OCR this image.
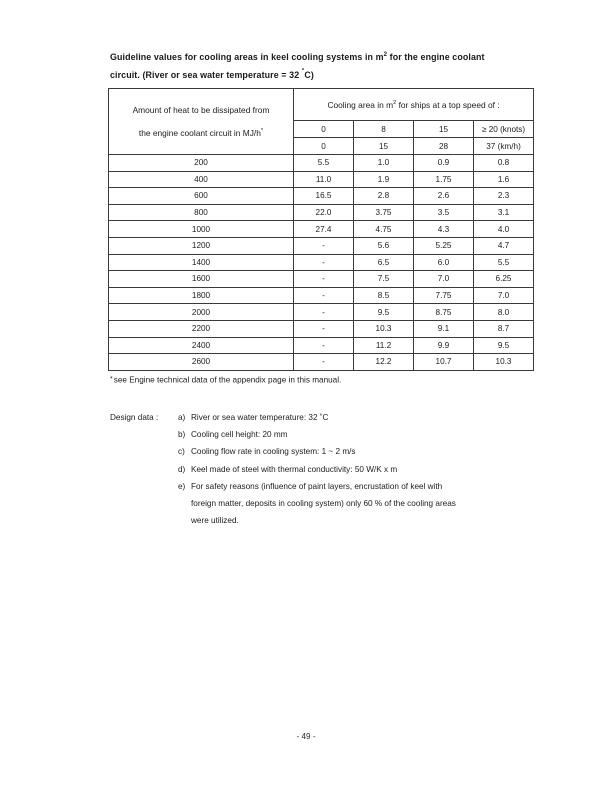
Guideline values for cooling areas in keel cooling systems in $m^2$ for the engine coolant
circuit. (River or sea water temperature = 32 ˚C)
Amount of heat to be dissipated from
the engine coolant circuit in MJ/h*	Cooling area in $m^2$ for ships at a top speed of :			
	0	8	15	≥ 20 (knots)
	0	15	28	37 (km/h)
200	5.5	1.0	0.9	0.8
400	11.0	1.9	1.75	1.6
600	16.5	2.8	2.6	2.3
800	22.0	3.75	3.5	3.1
1000	27.4	4.75	4.3	4.0
1200	-	5.6	5.25	4.7
1400	-	6.5	6.0	5.5
1600	-	7.5	7.0	6.25
1800	-	8.5	7.75	7.0
2000	-	9.5	8.75	8.0
2200	-	10.3	9.1	8.7
2400	-	11.2	9.9	9.5
2600	-	12.2	10.7	10.3
*see Engine technical data of the appendix page in this manual.
Design data :	a) River or sea water temperature: 32 ˚C
b) Cooling cell height: 20 mm
c) Cooling flow rate in cooling system: 1 ~ 2 m/s
d) Keel made of steel with thermal conductivity: 50 W/K x m
e) For safety reasons (influence of paint layers, encrustation of keel with
foreign matter, deposits in cooling system) only 60 % of the cooling areas
were utilized.
- 49 -
